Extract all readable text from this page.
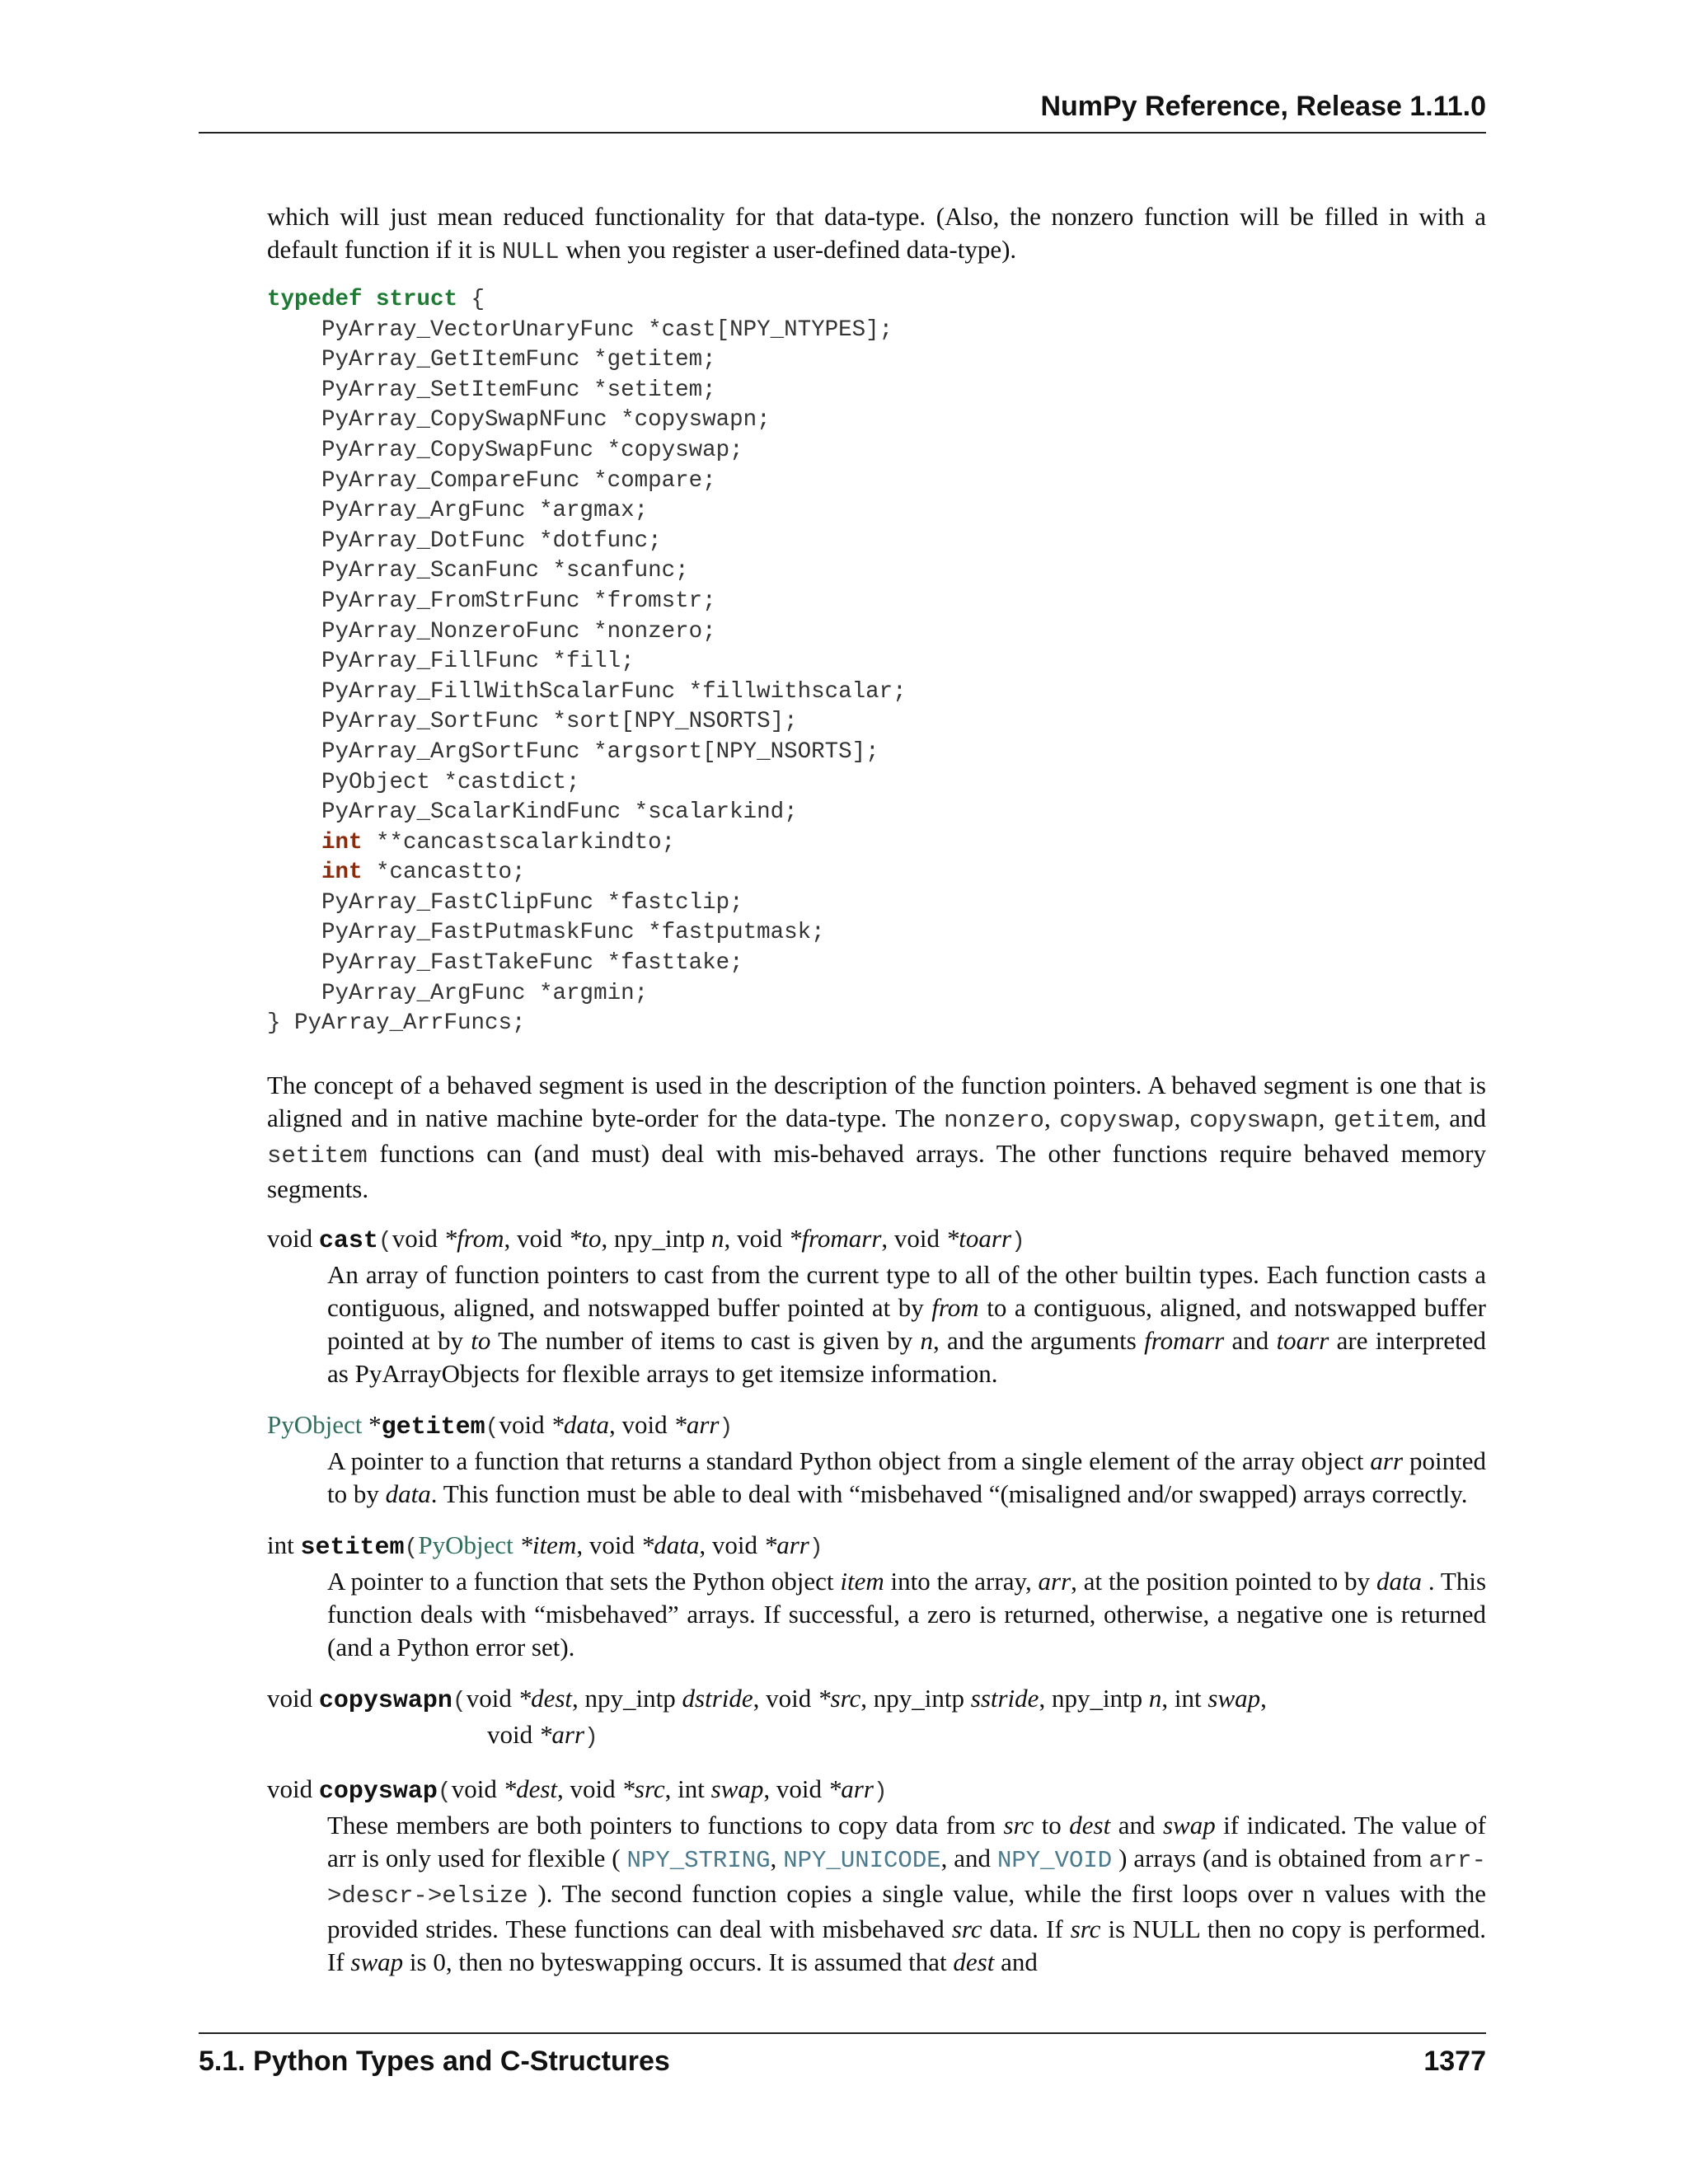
NumPy Reference, Release 1.11.0

which will just mean reduced functionality for that data-type. (Also, the nonzero function will be filled in with a default function if it is NULL when you register a user-defined data-type).

typedef struct {
PyArray_VectorUnaryFunc *cast[NPY_NTYPES];
PyArray_GetItemFunc *getitem;
PyArray_SetItemFunc *setitem;
PyArray_CopySwapNFunc *copyswapn;
PyArray_CopySwapFunc *copyswap;
PyArray_CompareFunc *compare;
PyArray_ArgFunc *argmax;
PyArray_DotFunc *dotfunc;
PyArray_ScanFunc *scanfunc;
PyArray_FromStrFunc *fromstr;
PyArray_NonzeroFunc *nonzero;
PyArray_FillFunc *fill;
PyArray_FillWithScalarFunc *fillwithscalar;
PyArray_SortFunc *sort[NPY_NSORTS];
PyArray_ArgSortFunc *argsort[NPY_NSORTS];
PyObject *castdict;
PyArray_ScalarKindFunc *scalarkind;
int **cancastscalarkindto;
int *cancastto;
PyArray_FastClipFunc *fastclip;
PyArray_FastPutmaskFunc *fastputmask;
PyArray_FastTakeFunc *fasttake;
PyArray_ArgFunc *argmin;
} PyArray_ArrFuncs;

The concept of a behaved segment is used in the description of the function pointers. A behaved segment is one that is aligned and in native machine byte-order for the data-type. The nonzero, copyswap, copyswapn, getitem, and setitem functions can (and must) deal with mis-behaved arrays. The other functions require behaved memory segments.

void cast(void *from, void *to, npy_intp n, void *fromarr, void *toarr)

An array of function pointers to cast from the current type to all of the other builtin types. Each function casts a contiguous, aligned, and notswapped buffer pointed at by from to a contiguous, aligned, and notswapped buffer pointed at by to The number of items to cast is given by n, and the arguments fromarr and toarr are interpreted as PyArrayObjects for flexible arrays to get itemsize information.

PyObject *getitem(void *data, void *arr)

A pointer to a function that returns a standard Python object from a single element of the array object arr pointed to by data. This function must be able to deal with “misbehaved “(misaligned and/or swapped) arrays correctly.

int setitem(PyObject *item, void *data, void *arr)

A pointer to a function that sets the Python object item into the array, arr, at the position pointed to by data . This function deals with “misbehaved” arrays. If successful, a zero is returned, otherwise, a negative one is returned (and a Python error set).

void copyswapn(void *dest, npy_intp dstride, void *src, npy_intp sstride, npy_intp n, int swap,

void *arr)

void copyswap(void *dest, void *src, int swap, void *arr)

These members are both pointers to functions to copy data from src to dest and swap if indicated. The value of arr is only used for flexible ( NPY_STRING, NPY_UNICODE, and NPY_VOID ) arrays (and is obtained from arr->descr->elsize ). The second function copies a single value, while the first loops over n values with the provided strides. These functions can deal with misbehaved src data. If src is NULL then no copy is performed. If swap is 0, then no byteswapping occurs. It is assumed that dest and

5.1. Python Types and C-Structures	1377
